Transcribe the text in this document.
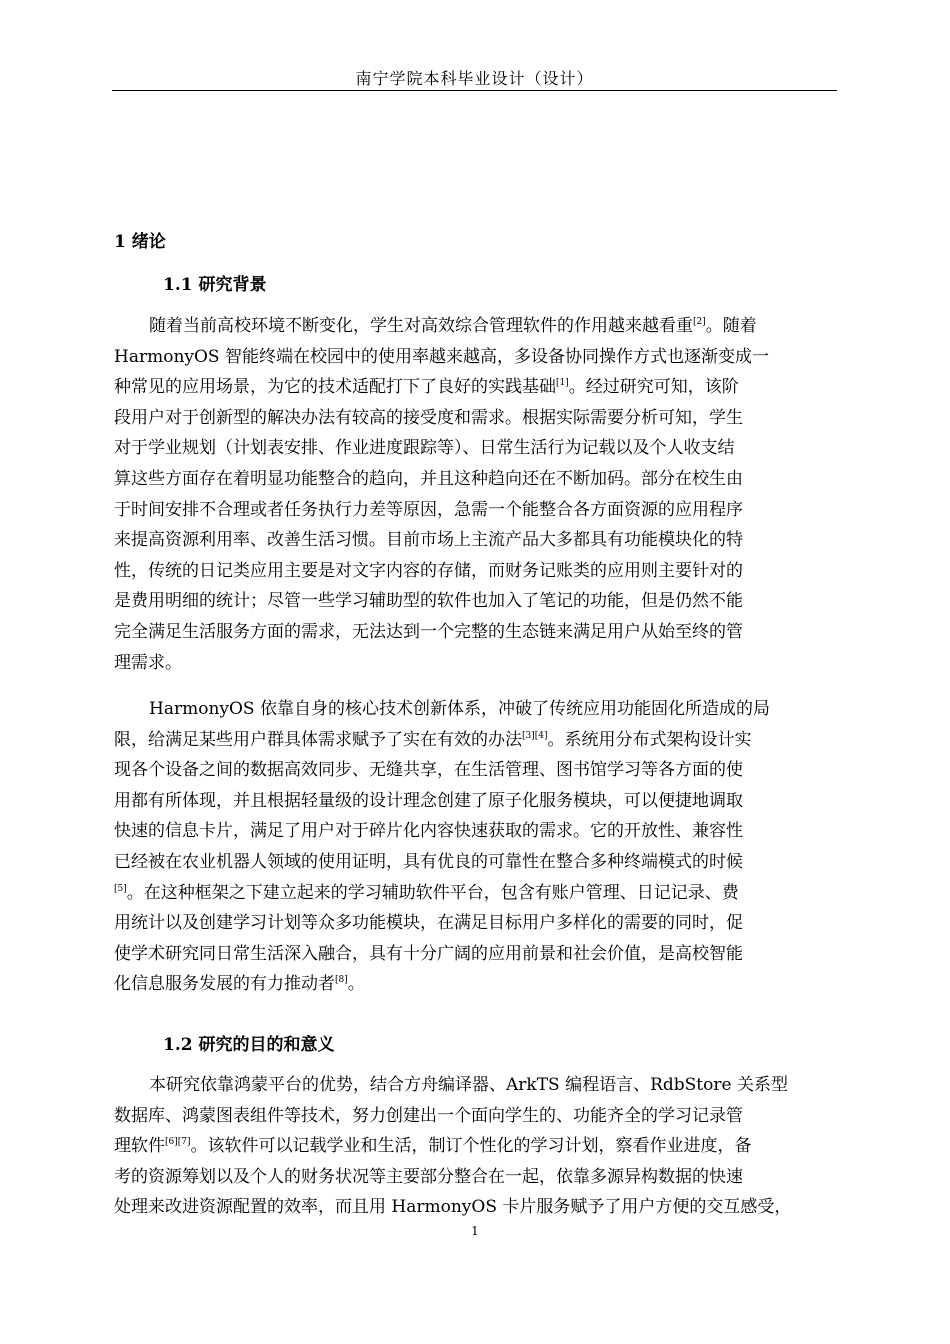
南宁学院本科毕业设计（设计）
1 绪论
1.1 研究背景
随着当前高校环境不断变化，学生对高效综合管理软件的作用越来越看重[2]。随着
HarmonyOS 智能终端在校园中的使用率越来越高，多设备协同操作方式也逐渐变成一
种常见的应用场景，为它的技术适配打下了良好的实践基础[1]。经过研究可知，该阶
段用户对于创新型的解决办法有较高的接受度和需求。根据实际需要分析可知，学生
对于学业规划（计划表安排、作业进度跟踪等）、日常生活行为记载以及个人收支结
算这些方面存在着明显功能整合的趋向，并且这种趋向还在不断加码。部分在校生由
于时间安排不合理或者任务执行力差等原因，急需一个能整合各方面资源的应用程序
来提高资源利用率、改善生活习惯。目前市场上主流产品大多都具有功能模块化的特
性，传统的日记类应用主要是对文字内容的存储，而财务记账类的应用则主要针对的
是费用明细的统计；尽管一些学习辅助型的软件也加入了笔记的功能，但是仍然不能
完全满足生活服务方面的需求，无法达到一个完整的生态链来满足用户从始至终的管
理需求。
HarmonyOS 依靠自身的核心技术创新体系，冲破了传统应用功能固化所造成的局
限，给满足某些用户群具体需求赋予了实在有效的办法[3][4]。系统用分布式架构设计实
现各个设备之间的数据高效同步、无缝共享，在生活管理、图书馆学习等各方面的使
用都有所体现，并且根据轻量级的设计理念创建了原子化服务模块，可以便捷地调取
快速的信息卡片，满足了用户对于碎片化内容快速获取的需求。它的开放性、兼容性
已经被在农业机器人领域的使用证明，具有优良的可靠性在整合多种终端模式的时候
[5]。在这种框架之下建立起来的学习辅助软件平台，包含有账户管理、日记记录、费
用统计以及创建学习计划等众多功能模块，在满足目标用户多样化的需要的同时，促
使学术研究同日常生活深入融合，具有十分广阔的应用前景和社会价值，是高校智能
化信息服务发展的有力推动者[8]。
1.2 研究的目的和意义
本研究依靠鸿蒙平台的优势，结合方舟编译器、ArkTS 编程语言、RdbStore 关系型
数据库、鸿蒙图表组件等技术，努力创建出一个面向学生的、功能齐全的学习记录管
理软件[6][7]。该软件可以记载学业和生活，制订个性化的学习计划，察看作业进度，备
考的资源筹划以及个人的财务状况等主要部分整合在一起，依靠多源异构数据的快速
处理来改进资源配置的效率，而且用 HarmonyOS 卡片服务赋予了用户方便的交互感受，
1
